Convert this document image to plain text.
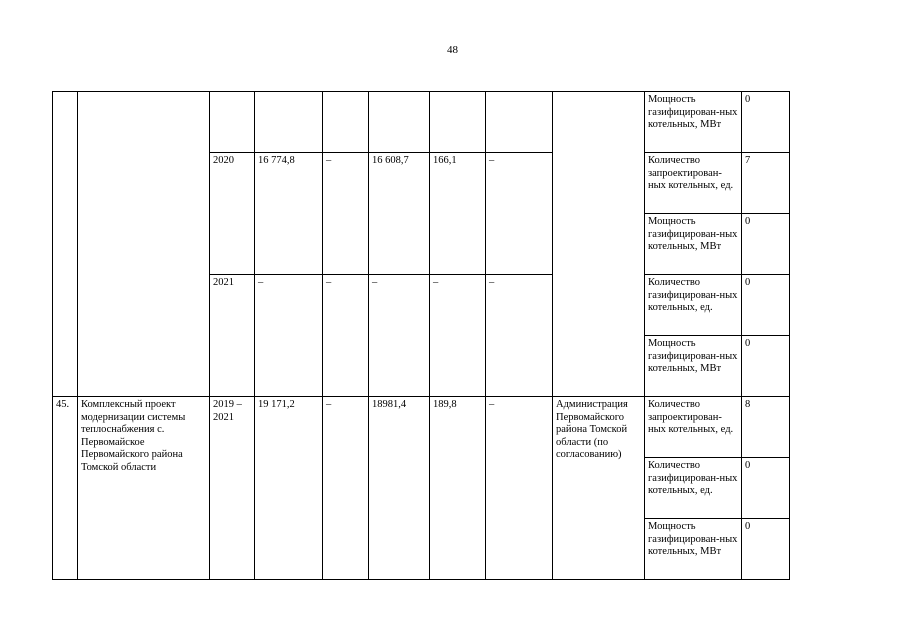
48
									Мощность газифицирован-ных котельных, МВт	0
		2020	16 774,8	–	16 608,7	166,1	–		Количество запроектирован-ных котельных, ед.	7
									Мощность газифицирован-ных котельных, МВт	0
		2021	–	–	–	–	–		Количество газифицирован-ных котельных, ед.	0
									Мощность газифицирован-ных котельных, МВт	0
45.	Комплексный проект модернизации системы теплоснабжения с. Первомайское Первомайского района Томской области	2019 – 2021	19 171,2	–	18981,4	189,8	–	Администрация Первомайского района Томской области (по согласованию)	Количество запроектирован-ных котельных, ед.	8
									Количество газифицирован-ных котельных, ед.	0
									Мощность газифицирован-ных котельных, МВт	0
